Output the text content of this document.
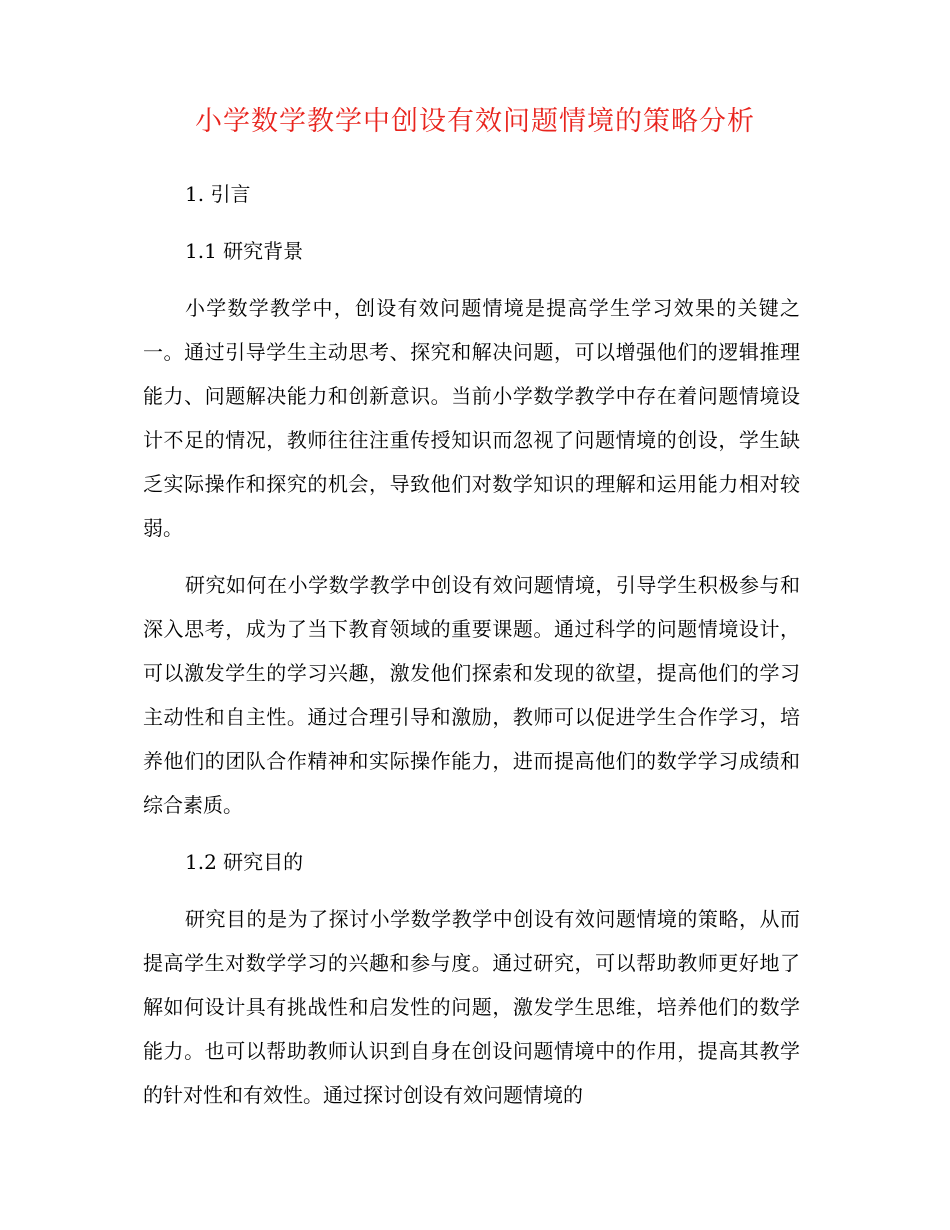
小学数学教学中创设有效问题情境的策略分析

1. 引言

1.1 研究背景

小学数学教学中，创设有效问题情境是提高学生学习效果的关键之一。通过引导学生主动思考、探究和解决问题，可以增强他们的逻辑推理能力、问题解决能力和创新意识。当前小学数学教学中存在着问题情境设计不足的情况，教师往往注重传授知识而忽视了问题情境的创设，学生缺乏实际操作和探究的机会，导致他们对数学知识的理解和运用能力相对较弱。

研究如何在小学数学教学中创设有效问题情境，引导学生积极参与和深入思考，成为了当下教育领域的重要课题。通过科学的问题情境设计，可以激发学生的学习兴趣，激发他们探索和发现的欲望，提高他们的学习主动性和自主性。通过合理引导和激励，教师可以促进学生合作学习，培养他们的团队合作精神和实际操作能力，进而提高他们的数学学习成绩和综合素质。

1.2 研究目的

研究目的是为了探讨小学数学教学中创设有效问题情境的策略，从而提高学生对数学学习的兴趣和参与度。通过研究，可以帮助教师更好地了解如何设计具有挑战性和启发性的问题，激发学生思维，培养他们的数学能力。也可以帮助教师认识到自身在创设问题情境中的作用，提高其教学的针对性和有效性。通过探讨创设有效问题情境的
